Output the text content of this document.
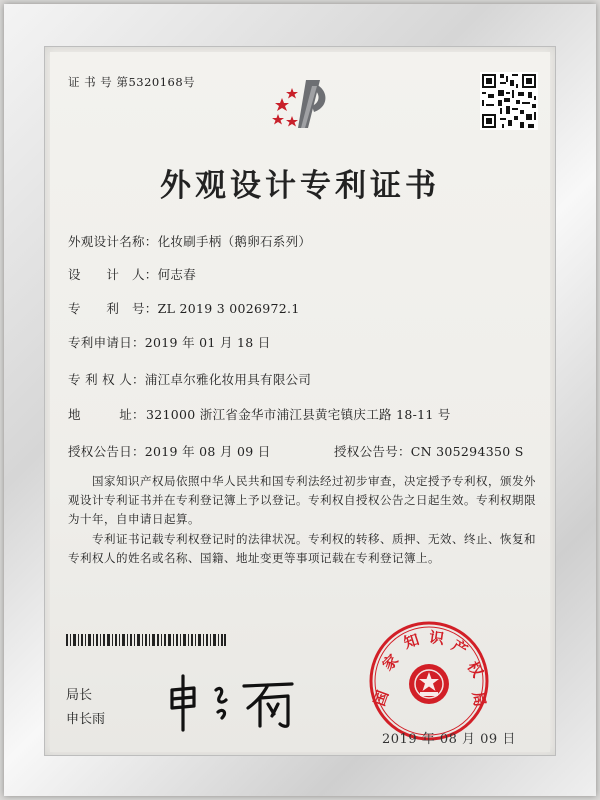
证 书 号 第5320168号
外观设计专利证书
外观设计名称：化妆刷手柄（鹅卵石系列）
设　　计　人：何志春
专　　利　号：ZL 2019 3 0026972.1
专利申请日：2019 年 01 月 18 日
专 利 权 人：浦江卓尔雅化妆用具有限公司
地　　　址： 321000 浙江省金华市浦江县黄宅镇庆工路 18-11 号
授权公告日：2019 年 08 月 09 日	授权公告号：CN 305294350 S
国家知识产权局依照中华人民共和国专利法经过初步审查，决定授予专利权，颁发外观设计专利证书并在专利登记簿上予以登记。专利权自授权公告之日起生效。专利权期限为十年，自申请日起算。
专利证书记载专利权登记时的法律状况。专利权的转移、质押、无效、终止、恢复和专利权人的姓名或名称、国籍、地址变更等事项记载在专利登记簿上。
局长
申长雨
国
家
知 识 产
权
局
2019 年 08 月 09 日
